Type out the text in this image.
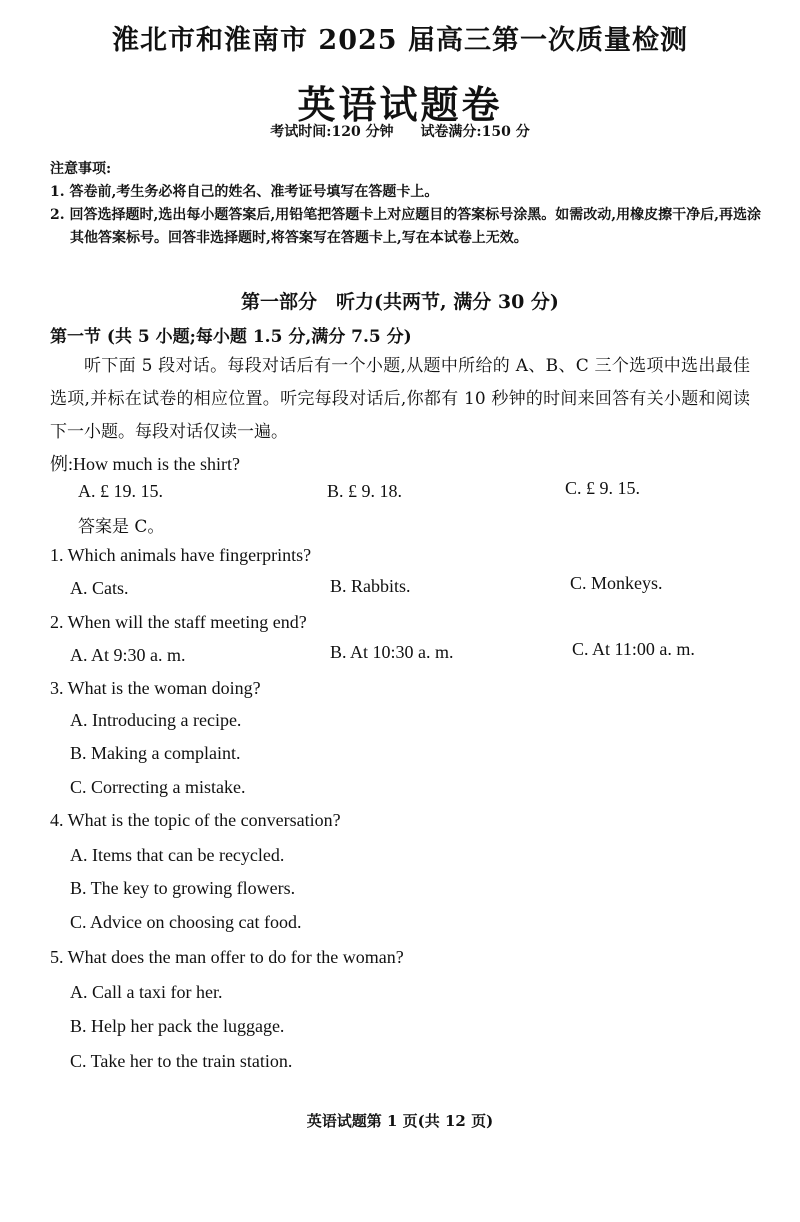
淮北市和淮南市 2025 届高三第一次质量检测
英语试题卷
考试时间:120 分钟 试卷满分:150 分

注意事项:

1. 答卷前,考生务必将自己的姓名、准考证号填写在答题卡上。

2. 回答选择题时,选出每小题答案后,用铅笔把答题卡上对应题目的答案标号涂黑。如需改动,用橡皮擦干净后,再选涂其他答案标号。回答非选择题时,将答案写在答题卡上,写在本试卷上无效。

第一部分　听力(共两节, 满分 30 分)
第一节 (共 5 小题;每小题 1.5 分,满分 7.5 分)
听下面 5 段对话。每段对话后有一个小题,从题中所给的 A、B、C 三个选项中选出最佳选项,并标在试卷的相应位置。听完每段对话后,你都有 10 秒钟的时间来回答有关小题和阅读下一小题。每段对话仅读一遍。
例:How much is the shirt?
A. £ 19. 15.	B. £ 9. 18.	C. £ 9. 15.
答案是 C。
1. Which animals have fingerprints?
A. Cats.	B. Rabbits.	C. Monkeys.
2. When will the staff meeting end?
A. At 9:30 a. m.	B. At 10:30 a. m.	C. At 11:00 a. m.
3. What is the woman doing?
A. Introducing a recipe.
B. Making a complaint.
C. Correcting a mistake.
4. What is the topic of the conversation?
A. Items that can be recycled.
B. The key to growing flowers.
C. Advice on choosing cat food.
5. What does the man offer to do for the woman?
A. Call a taxi for her.
B. Help her pack the luggage.
C. Take her to the train station.
英语试题第 1 页(共 12 页)
